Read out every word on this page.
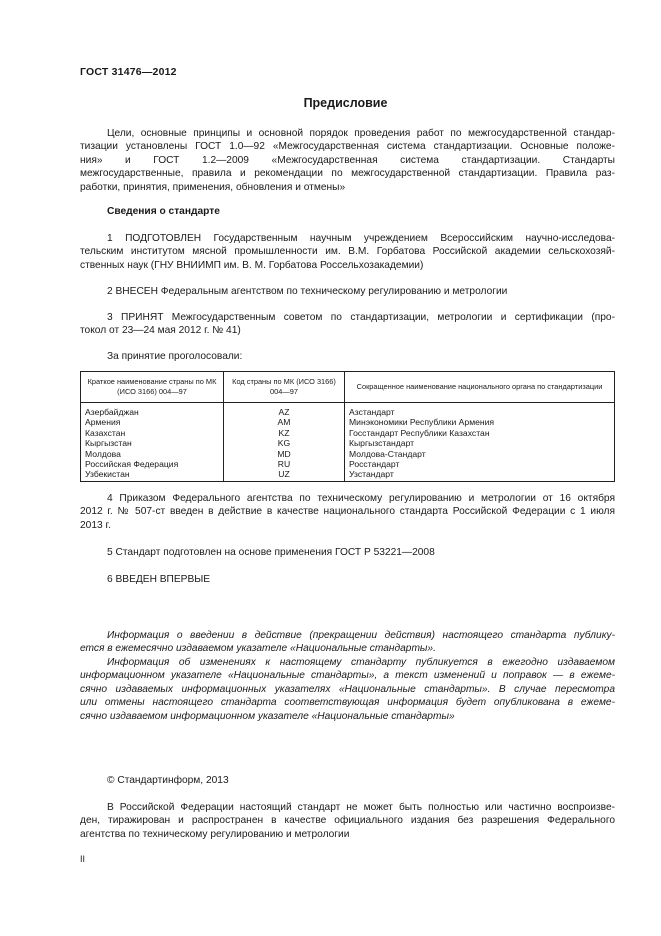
ГОСТ 31476—2012
Предисловие
Цели, основные принципы и основной порядок проведения работ по межгосударственной стандар-
тизации установлены ГОСТ 1.0—92 «Межгосударственная система стандартизации. Основные положе-
ния» и ГОСТ 1.2—2009 «Межгосударственная система стандартизации. Стандарты
межгосударственные, правила и рекомендации по межгосударственной стандартизации. Правила раз-
работки, принятия, применения, обновления и отмены»
Сведения о стандарте
1 ПОДГОТОВЛЕН Государственным научным учреждением Всероссийским научно-исследова-
тельским институтом мясной промышленности им. В.М. Горбатова Российской академии сельскохозяй-
ственных наук (ГНУ ВНИИМП им. В. М. Горбатова Россельхозакадемии)
2 ВНЕСЕН Федеральным агентством по техническому регулированию и метрологии
3 ПРИНЯТ Межгосударственным советом по стандартизации, метрологии и сертификации (про-
токол от 23—24 мая 2012 г. № 41)
За принятие проголосовали:
Краткое наименование страны по МК (ИСО 3166) 004—97	Код страны по МК (ИСО 3166) 004—97	Сокращенное наименование национального органа по стандартизации
Азербайджан	AZ	Азстандарт
Армения	AM	Минэкономики Республики Армения
Казахстан	KZ	Госстандарт Республики Казахстан
Кыргызстан	KG	Кыргызстандарт
Молдова	MD	Молдова-Стандарт
Российская Федерация	RU	Росстандарт
Узбекистан	UZ	Узстандарт
4 Приказом Федерального агентства по техническому регулированию и метрологии от 16 октября
2012 г. № 507-ст введен в действие в качестве национального стандарта Российской Федерации с 1 июля
2013 г.
5 Стандарт подготовлен на основе применения ГОСТ Р 53221—2008
6 ВВЕДЕН ВПЕРВЫЕ
Информация о введении в действие (прекращении действия) настоящего стандарта публику-
ется в ежемесячно издаваемом указателе «Национальные стандарты».
Информация об изменениях к настоящему стандарту публикуется в ежегодно издаваемом
информационном указателе «Национальные стандарты», а текст изменений и поправок — в ежеме-
сячно издаваемых информационных указателях «Национальные стандарты». В случае пересмотра
или отмены настоящего стандарта соответствующая информация будет опубликована в ежеме-
сячно издаваемом информационном указателе «Национальные стандарты»
© Стандартинформ, 2013
В Российской Федерации настоящий стандарт не может быть полностью или частично воспроизве-
ден, тиражирован и распространен в качестве официального издания без разрешения Федерального
агентства по техническому регулированию и метрологии
II
